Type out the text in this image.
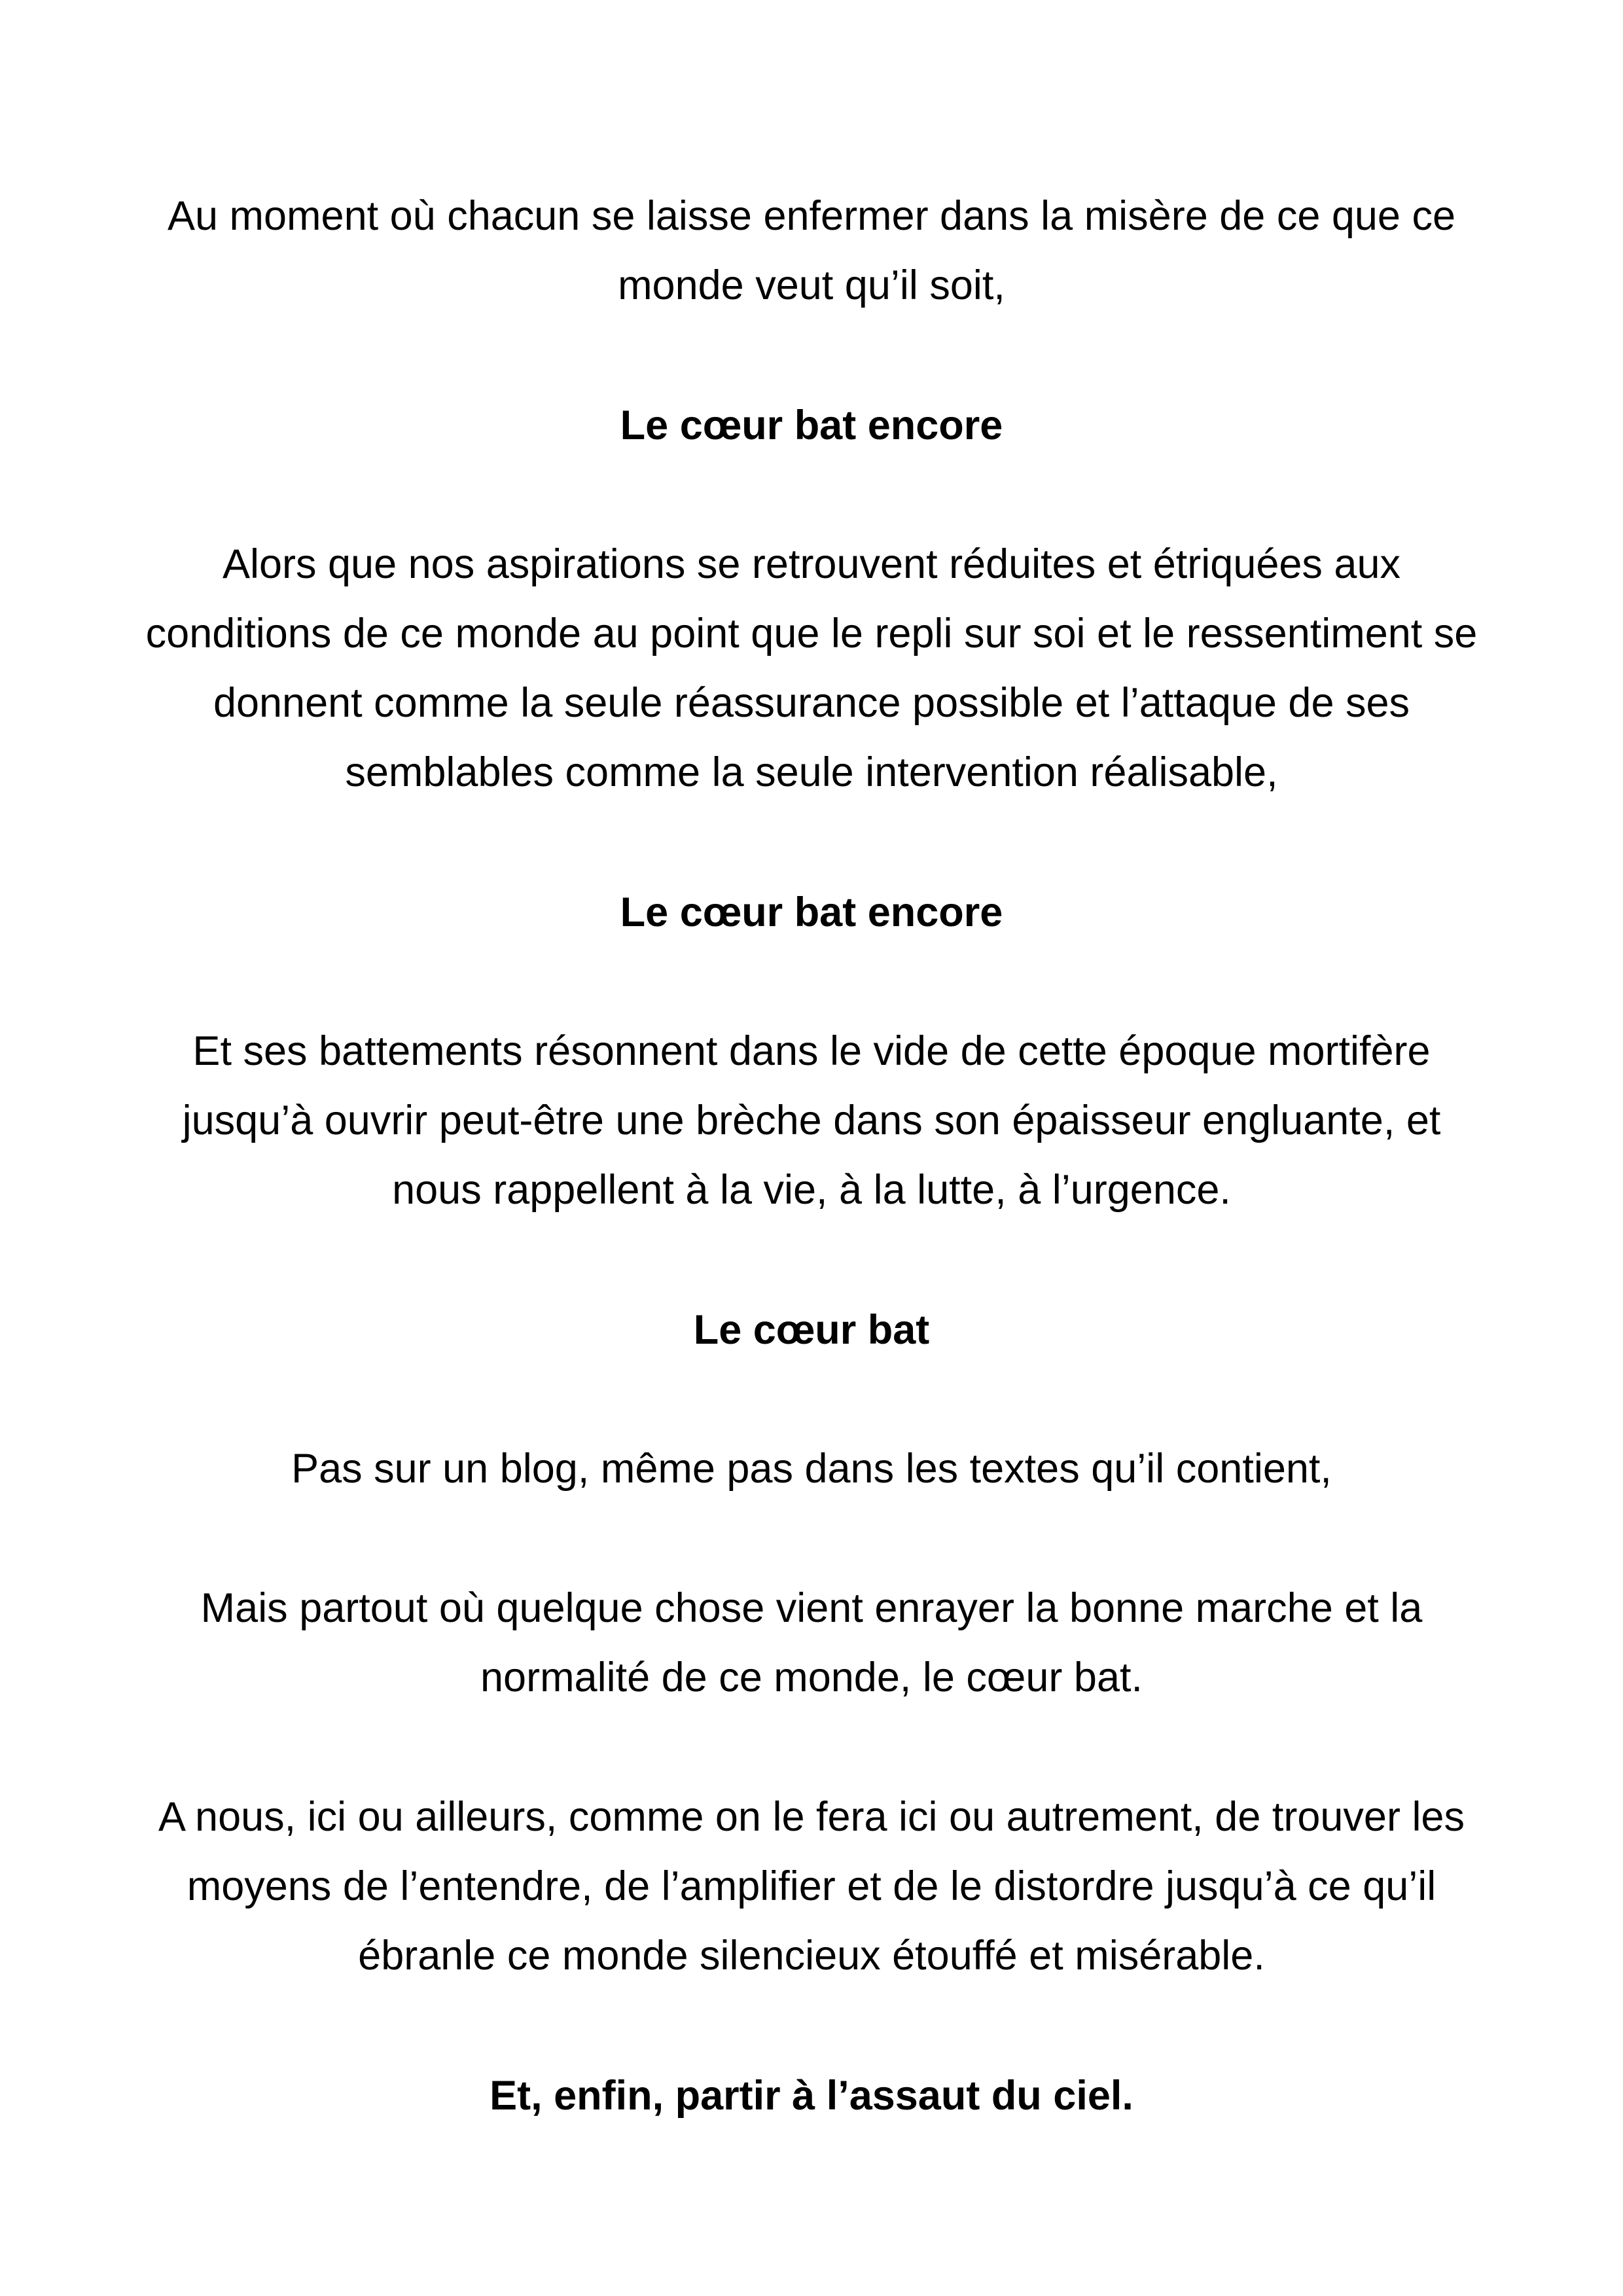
Au moment où chacun se laisse enfermer dans la misère de ce que ce
monde veut qu’il soit,

Le cœur bat encore

Alors que nos aspirations se retrouvent réduites et étriquées aux
conditions de ce monde au point que le repli sur soi et le ressentiment se
donnent comme la seule réassurance possible et l’attaque de ses
semblables comme la seule intervention réalisable,

Le cœur bat encore

Et ses battements résonnent dans le vide de cette époque mortifère
jusqu’à ouvrir peut-être une brèche dans son épaisseur engluante, et
nous rappellent à la vie, à la lutte, à l’urgence.

Le cœur bat

Pas sur un blog, même pas dans les textes qu’il contient,

Mais partout où quelque chose vient enrayer la bonne marche et la
normalité de ce monde, le cœur bat.

A nous, ici ou ailleurs, comme on le fera ici ou autrement, de trouver les
moyens de l’entendre, de l’amplifier et de le distordre jusqu’à ce qu’il
ébranle ce monde silencieux étouffé et misérable.

Et, enfin, partir à l’assaut du ciel.
